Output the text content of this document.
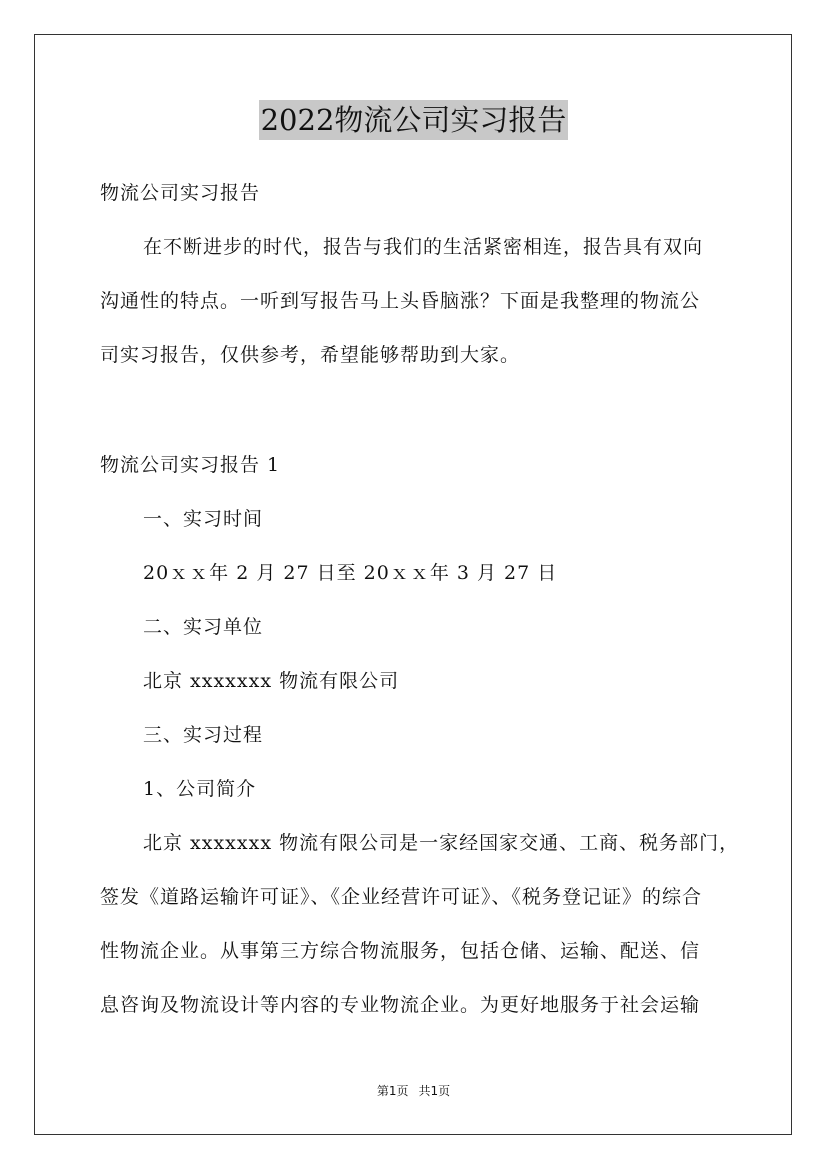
2022物流公司实习报告
物流公司实习报告
在不断进步的时代，报告与我们的生活紧密相连，报告具有双向
沟通性的特点。一听到写报告马上头昏脑涨？下面是我整理的物流公
司实习报告，仅供参考，希望能够帮助到大家。
物流公司实习报告 1
一、实习时间
20ｘｘ年 2 月 27 日至 20ｘｘ年 3 月 27 日
二、实习单位
北京 xxxxxxx 物流有限公司
三、实习过程
1、公司简介
北京 xxxxxxx 物流有限公司是一家经国家交通、工商、税务部门，
签发《道路运输许可证》、《企业经营许可证》、《税务登记证》的综合
性物流企业。从事第三方综合物流服务，包括仓储、运输、配送、信
息咨询及物流设计等内容的专业物流企业。为更好地服务于社会运输
第1页 共1页
